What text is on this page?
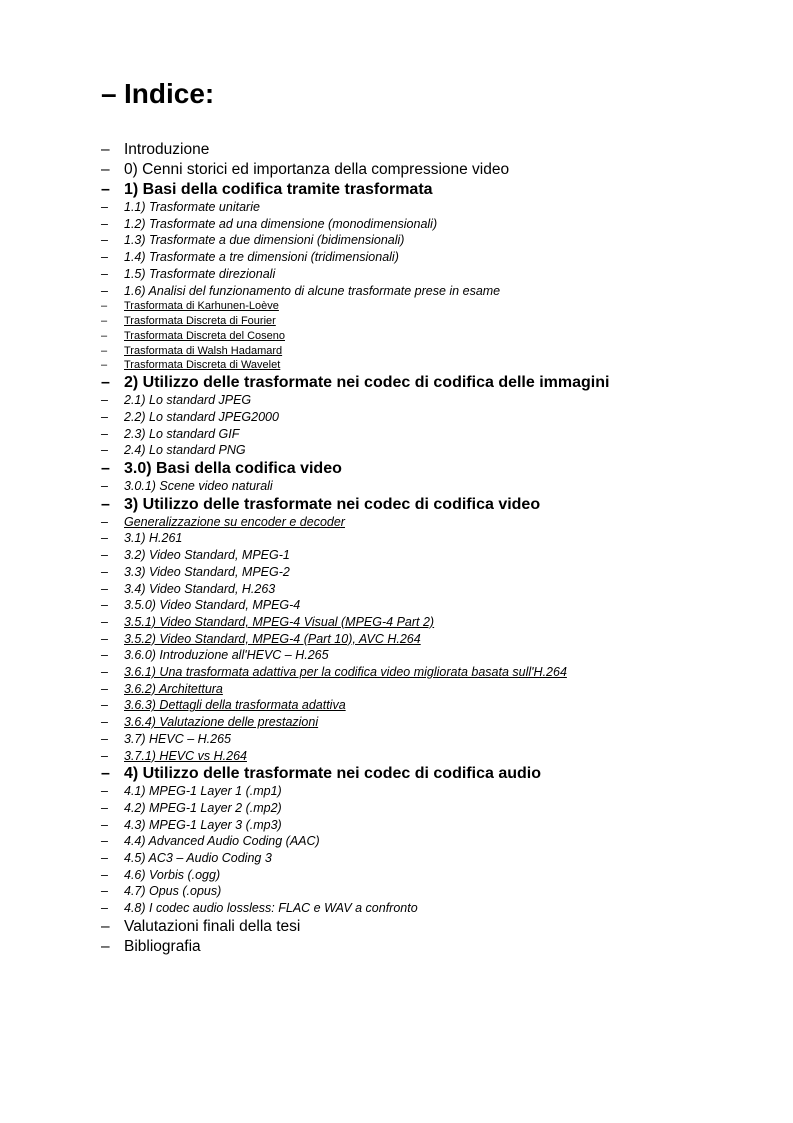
– Indice:
– Introduzione
– 0) Cenni storici ed importanza della compressione video
– 1) Basi della codifica tramite trasformata
– 1.1) Trasformate unitarie
– 1.2) Trasformate ad una dimensione (monodimensionali)
– 1.3) Trasformate a due dimensioni (bidimensionali)
– 1.4) Trasformate a tre dimensioni (tridimensionali)
– 1.5) Trasformate direzionali
– 1.6) Analisi del funzionamento di alcune trasformate prese in esame
– Trasformata di Karhunen-Loève
– Trasformata Discreta di Fourier
– Trasformata Discreta del Coseno
– Trasformata di Walsh Hadamard
– Trasformata Discreta di Wavelet
– 2) Utilizzo delle trasformate nei codec di codifica delle immagini
– 2.1) Lo standard JPEG
– 2.2) Lo standard JPEG2000
– 2.3) Lo standard GIF
– 2.4) Lo standard PNG
– 3.0) Basi della codifica video
– 3.0.1) Scene video naturali
– 3) Utilizzo delle trasformate nei codec di codifica video
– Generalizzazione su encoder e decoder
– 3.1) H.261
– 3.2) Video Standard, MPEG-1
– 3.3) Video Standard, MPEG-2
– 3.4) Video Standard, H.263
– 3.5.0) Video Standard, MPEG-4
– 3.5.1) Video Standard, MPEG-4 Visual (MPEG-4 Part 2)
– 3.5.2) Video Standard, MPEG-4 (Part 10), AVC H.264
– 3.6.0) Introduzione all'HEVC – H.265
– 3.6.1) Una trasformata adattiva per la codifica video migliorata basata sull'H.264
– 3.6.2) Architettura
– 3.6.3) Dettagli della trasformata adattiva
– 3.6.4) Valutazione delle prestazioni
– 3.7) HEVC – H.265
– 3.7.1) HEVC vs H.264
– 4) Utilizzo delle trasformate nei codec di codifica audio
– 4.1) MPEG-1 Layer 1 (.mp1)
– 4.2) MPEG-1 Layer 2 (.mp2)
– 4.3) MPEG-1 Layer 3 (.mp3)
– 4.4) Advanced Audio Coding (AAC)
– 4.5) AC3 – Audio Coding 3
– 4.6) Vorbis (.ogg)
– 4.7) Opus (.opus)
– 4.8) I codec audio lossless: FLAC e WAV a confronto
– Valutazioni finali della tesi
– Bibliografia
